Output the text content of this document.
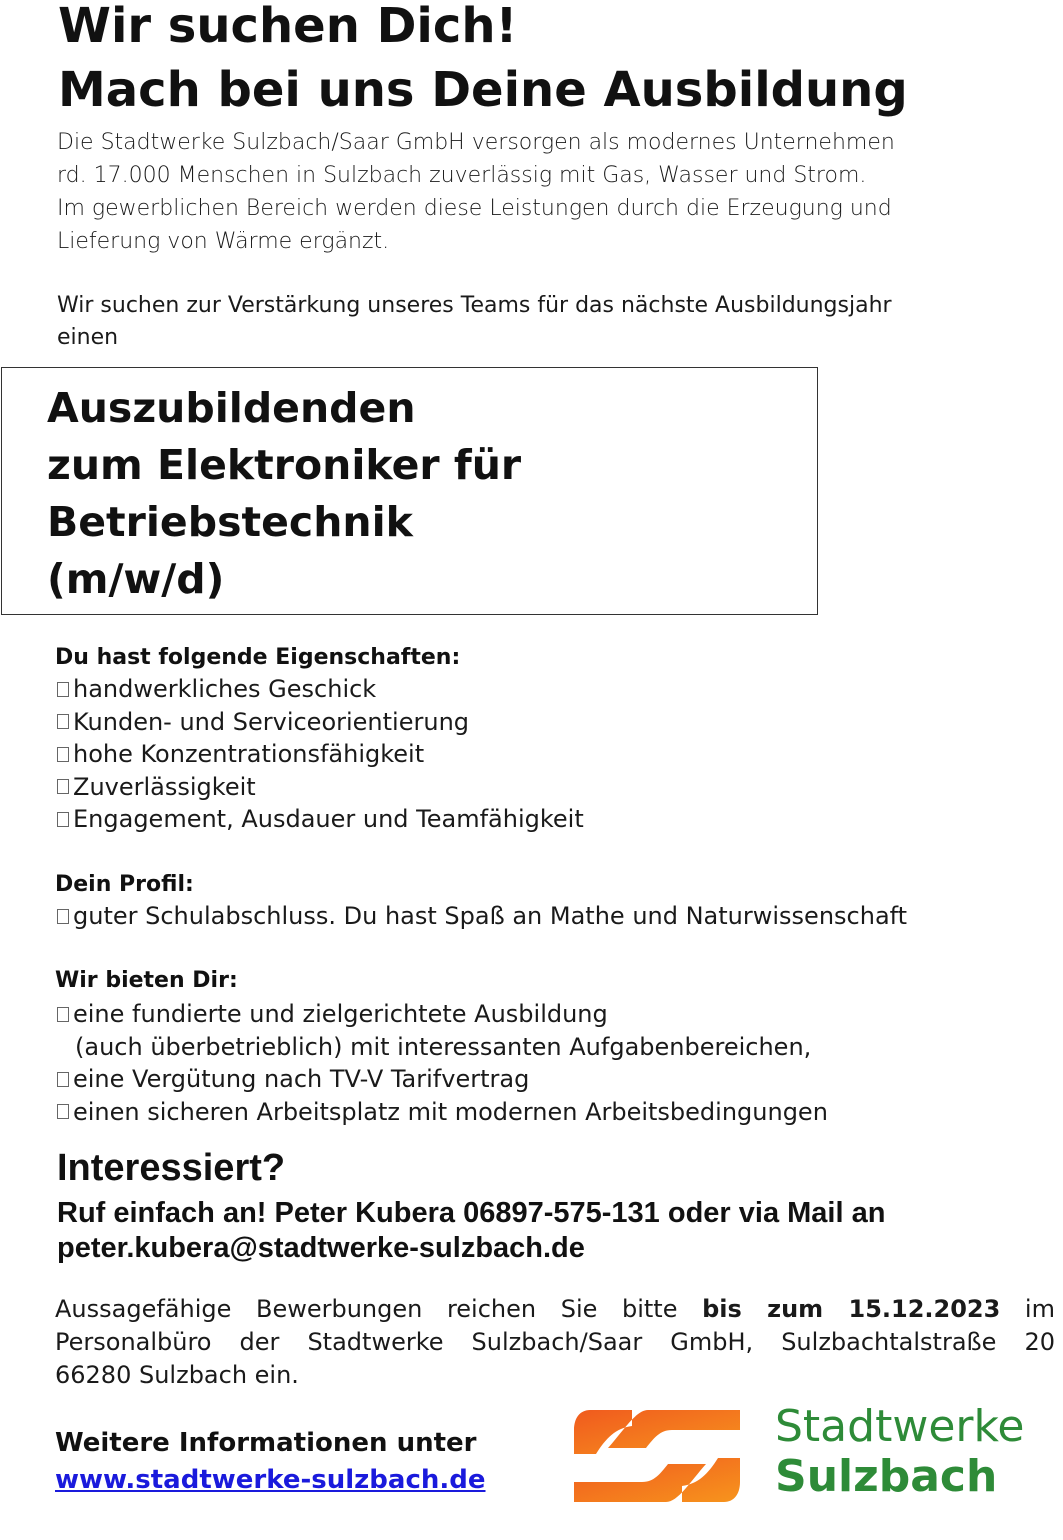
Wir suchen Dich!
Mach bei uns Deine Ausbildung
Die Stadtwerke Sulzbach/Saar GmbH versorgen als modernes Unternehmen
rd. 17.000 Menschen in Sulzbach zuverlässig mit Gas, Wasser und Strom.
Im gewerblichen Bereich werden diese Leistungen durch die Erzeugung und
Lieferung von Wärme ergänzt.
Wir suchen zur Verstärkung unseres Teams für das nächste Ausbildungsjahr
einen
Auszubildenden
zum Elektroniker für
Betriebstechnik
(m/w/d)
Du hast folgende Eigenschaften:
handwerkliches Geschick
Kunden- und Serviceorientierung
hohe Konzentrationsfähigkeit
Zuverlässigkeit
Engagement, Ausdauer und Teamfähigkeit
Dein Profil:
guter Schulabschluss. Du hast Spaß an Mathe und Naturwissenschaft
Wir bieten Dir:
eine fundierte und zielgerichtete Ausbildung
(auch überbetrieblich) mit interessanten Aufgabenbereichen,
eine Vergütung nach TV-V Tarifvertrag
einen sicheren Arbeitsplatz mit modernen Arbeitsbedingungen
Interessiert?
Ruf einfach an! Peter Kubera 06897-575-131 oder via Mail an
peter.kubera@stadtwerke-sulzbach.de
Aussagefähige Bewerbungen reichen Sie bitte bis zum 15.12.2023 im
Personalbüro der Stadtwerke Sulzbach/Saar GmbH, Sulzbachtalstraße 20
66280 Sulzbach ein.
Weitere Informationen unter
www.stadtwerke-sulzbach.de
Stadtwerke
Sulzbach
